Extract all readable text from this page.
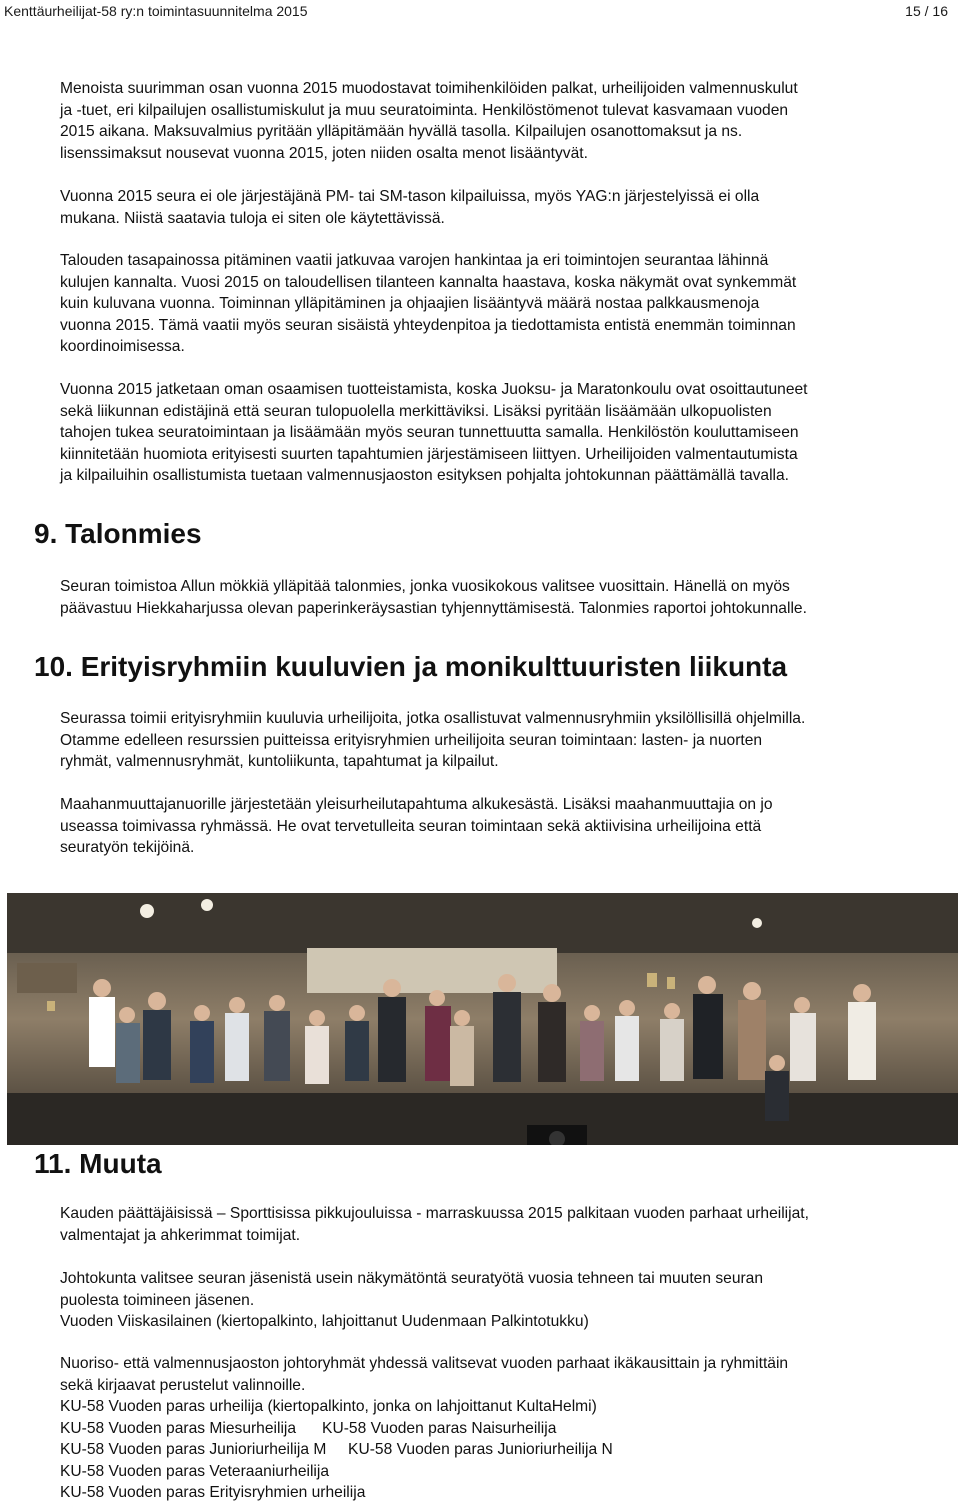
Kenttäurheilijat-58 ry:n toimintasuunnitelma 2015	15 / 16
Menoista suurimman osan vuonna 2015 muodostavat toimihenkilöiden palkat, urheilijoiden valmennuskulut
ja -tuet, eri kilpailujen osallistumiskulut ja muu seuratoiminta. Henkilöstömenot tulevat kasvamaan vuoden
2015 aikana. Maksuvalmius pyritään ylläpitämään hyvällä tasolla. Kilpailujen osanottomaksut ja ns.
lisenssimaksut nousevat vuonna 2015, joten niiden osalta menot lisääntyvät.
Vuonna 2015 seura ei ole järjestäjänä PM- tai SM-tason kilpailuissa, myös YAG:n järjestelyissä ei olla
mukana. Niistä saatavia tuloja ei siten ole käytettävissä.
Talouden tasapainossa pitäminen vaatii jatkuvaa varojen hankintaa ja eri toimintojen seurantaa lähinnä
kulujen kannalta. Vuosi 2015 on taloudellisen tilanteen kannalta haastava, koska näkymät ovat synkemmät
kuin kuluvana vuonna. Toiminnan ylläpitäminen ja ohjaajien lisääntyvä määrä nostaa palkkausmenoja
vuonna 2015. Tämä vaatii myös seuran sisäistä yhteydenpitoa ja tiedottamista entistä enemmän toiminnan
koordinoimisessa.
Vuonna 2015 jatketaan oman osaamisen tuotteistamista, koska Juoksu- ja Maratonkoulu ovat osoittautuneet
sekä liikunnan edistäjinä että seuran tulopuolella merkittäviksi. Lisäksi pyritään lisäämään ulkopuolisten
tahojen tukea seuratoimintaan ja lisäämään myös seuran tunnettuutta samalla. Henkilöstön kouluttamiseen
kiinnitetään huomiota erityisesti suurten tapahtumien järjestämiseen liittyen. Urheilijoiden valmentautumista
ja kilpailuihin osallistumista tuetaan valmennusjaoston esityksen pohjalta johtokunnan päättämällä tavalla.
9. Talonmies
Seuran toimistoa Allun mökkiä ylläpitää talonmies, jonka vuosikokous valitsee vuosittain. Hänellä on myös
päävastuu Hiekkaharjussa olevan paperinkeräysastian tyhjennyttämisestä. Talonmies raportoi johtokunnalle.
10. Erityisryhmiin kuuluvien ja monikulttuuristen liikunta
Seurassa toimii erityisryhmiin kuuluvia urheilijoita, jotka osallistuvat valmennusryhmiin yksilöllisillä ohjelmilla.
Otamme edelleen resurssien puitteissa erityisryhmien urheilijoita seuran toimintaan: lasten- ja nuorten
ryhmät, valmennusryhmät, kuntoliikunta, tapahtumat ja kilpailut.
Maahanmuuttajanuorille järjestetään yleisurheilutapahtuma alkukesästä. Lisäksi maahanmuuttajia on jo
useassa toimivassa ryhmässä. He ovat tervetulleita seuran toimintaan sekä aktiivisina urheilijoina että
seuratyön tekijöinä.
11. Muuta
Kauden päättäjäisissä – Sporttisissa pikkujouluissa - marraskuussa 2015 palkitaan vuoden parhaat urheilijat,
valmentajat ja ahkerimmat toimijat.
Johtokunta valitsee seuran jäsenistä usein näkymätöntä seuratyötä vuosia tehneen tai muuten seuran
puolesta toimineen jäsenen.
Vuoden Viiskasilainen (kiertopalkinto, lahjoittanut Uudenmaan Palkintotukku)
Nuoriso- että valmennusjaoston johtoryhmät yhdessä valitsevat vuoden parhaat ikäkausittain ja ryhmittäin
sekä kirjaavat perustelut valinnoille.
KU-58 Vuoden paras urheilija (kiertopalkinto, jonka on lahjoittanut KultaHelmi)
KU-58 Vuoden paras Miesurheilija      KU-58 Vuoden paras Naisurheilija
KU-58 Vuoden paras Junioriurheilija M     KU-58 Vuoden paras Junioriurheilija N
KU-58 Vuoden paras Veteraaniurheilija
KU-58 Vuoden paras Erityisryhmien urheilija
